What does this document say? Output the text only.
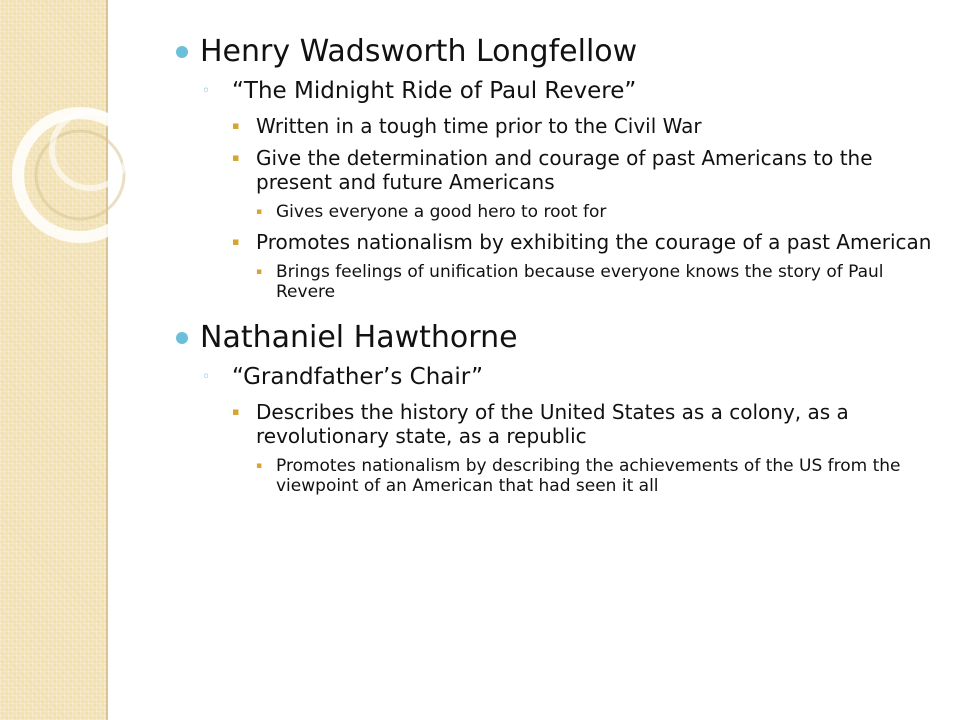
Henry Wadsworth Longfellow
◦ “The Midnight Ride of Paul Revere”
▪ Written in a tough time prior to the Civil War
▪ Give the determination and courage of past Americans to the present and future Americans
▪ Gives everyone a good hero to root for
▪ Promotes nationalism by exhibiting the courage of a past American
▪ Brings feelings of unification because everyone knows the story of Paul Revere
Nathaniel Hawthorne
◦ “Grandfather’s Chair”
▪ Describes the history of the United States as a colony, as a revolutionary state, as a republic
▪ Promotes nationalism by describing the achievements of the US from the viewpoint of an American that had seen it all
